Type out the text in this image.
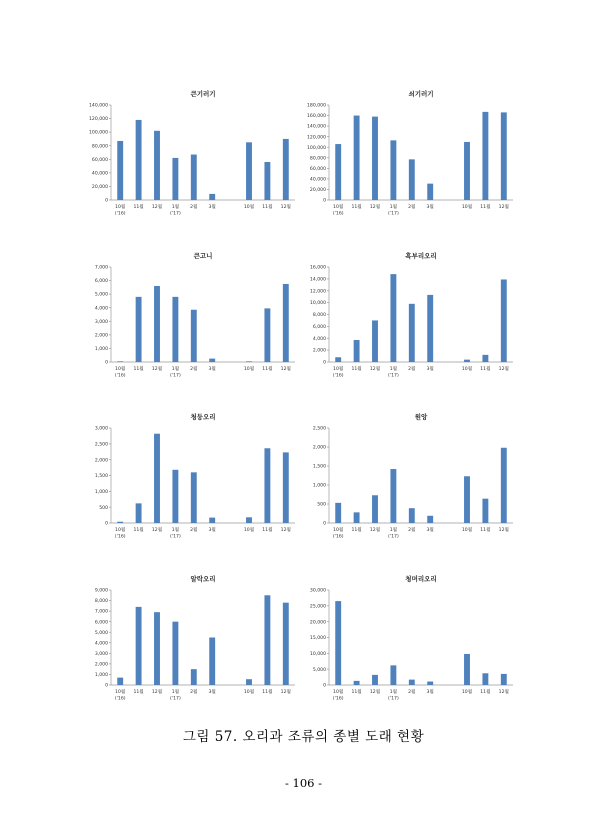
큰기러기
0
20,000
40,000
60,000
80,000
100,000
120,000
140,000
10월
('16)
11월 12월 1월
('17)
2월 3월	10월 11월 12월
쇠기러기
0
20,000
40,000
60,000
80,000
100,000
120,000
140,000
160,000
180,000
10월
('16)
11월 12월 1월
('17)
2월 3월	10월 11월 12월
큰고니
0
1,000
2,000
3,000
4,000
5,000
6,000
7,000
10월
('16)
11월 12월 1월
('17)
2월 3월	10월 11월 12월
흑부리오리
0
2,000
4,000
6,000
8,000
10,000
12,000
14,000
16,000
10월
('16)
11월 12월 1월
('17)
2월 3월	10월 11월 12월
청둥오리
0
500
1,000
1,500
2,000
2,500
3,000
10월
('16)
11월 12월 1월
('17)
2월 3월	10월 11월 12월
원앙
0
500
1,000
1,500
2,000
2,500
10월
('16)
11월 12월 1월
('17)
2월 3월	10월 11월 12월
알락오리
0
1,000
2,000
3,000
4,000
5,000
6,000
7,000
8,000
9,000
10월
('16)
11월 12월 1월
('17)
2월 3월	10월 11월 12월
청머리오리
0
5,000
10,000
15,000
20,000
25,000
30,000
10월
('16)
11월 12월 1월
('17)
2월 3월	10월 11월 12월
그림 57. 오리과 조류의 종별 도래 현황
- 106 -
